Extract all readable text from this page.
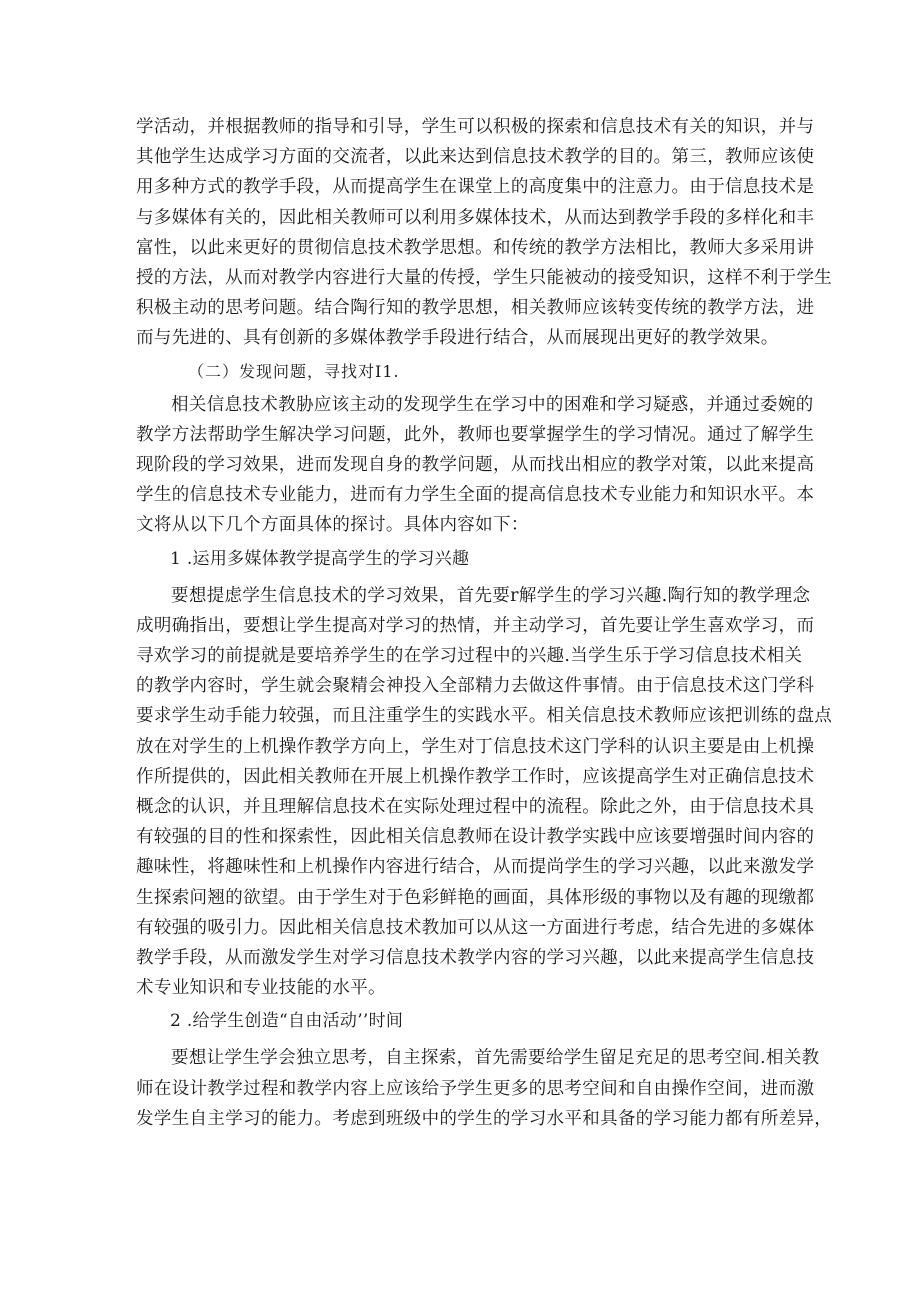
学活动，并根据教师的指导和引导，学生可以积极的探索和信息技术有关的知识，并与
其他学生达成学习方面的交流者，以此来达到信息技术教学的目的。第三，教师应该使
用多种方式的教学手段，从而提高学生在课堂上的高度集中的注意力。由于信息技术是
与多媒体有关的，因此相关教师可以利用多媒体技术，从而达到教学手段的多样化和丰
富性，以此来更好的贯彻信息技术教学思想。和传统的教学方法相比，教师大多采用讲
授的方法，从而对教学内容进行大量的传授，学生只能被动的接受知识，这样不利于学生
积极主动的思考问题。结合陶行知的教学思想，相关教师应该转变传统的教学方法，进
而与先进的、具有创新的多媒体教学手段进行结合，从而展现出更好的教学效果。
（二）发现问题，寻找对I1.
相关信息技术教胁应该主动的发现学生在学习中的困难和学习疑惑，并通过委婉的
教学方法帮助学生解决学习问题，此外，教师也要掌握学生的学习情况。通过了解学生
现阶段的学习效果，进而发现自身的教学问题，从而找出相应的教学对策，以此来提高
学生的信息技术专业能力，进而有力学生全面的提高信息技术专业能力和知识水平。本
文将从以下几个方面具体的探讨。具体内容如下：
1 .运用多媒体教学提高学生的学习兴趣
要想提虑学生信息技术的学习效果，首先要r解学生的学习兴趣.陶行知的教学理念
成明确指出，要想让学生提高对学习的热情，并主动学习，首先要让学生喜欢学习，而
寻欢学习的前提就是要培养学生的在学习过程中的兴趣.当学生乐于学习信息技术相关
的教学内容时，学生就会聚精会神投入全部精力去做这件事情。由于信息技术这门学科
要求学生动手能力较强，而且注重学生的实践水平。相关信息技术教师应该把训练的盘点
放在对学生的上机操作教学方向上，学生对丁信息技术这门学科的认识主要是由上机操
作所提供的，因此相关教师在开展上机操作教学工作时，应该提高学生对正确信息技术
概念的认识，并且理解信息技术在实际处理过程中的流程。除此之外，由于信息技术具
有较强的目的性和探索性，因此相关信息教师在设计教学实践中应该要增强时间内容的
趣味性，将趣味性和上机操作内容进行结合，从而提尚学生的学习兴趣，以此来激发学
生探索问翘的欲望。由于学生对于色彩鲜艳的画面，具体形级的事物以及有趣的现缴都
有较强的吸引力。因此相关信息技术教加可以从这一方面进行考虑，结合先进的多媒体
教学手段，从而激发学生对学习信息技术教学内容的学习兴趣，以此来提高学生信息技
术专业知识和专业技能的水平。
2 .给学生创造“自由活动’’时间
要想让学生学会独立思考，自主探索，首先需要给学生留足充足的思考空间.相关教
师在设计教学过程和教学内容上应该给予学生更多的思考空间和自由操作空间，进而激
发学生自主学习的能力。考虑到班级中的学生的学习水平和具备的学习能力都有所差异，
